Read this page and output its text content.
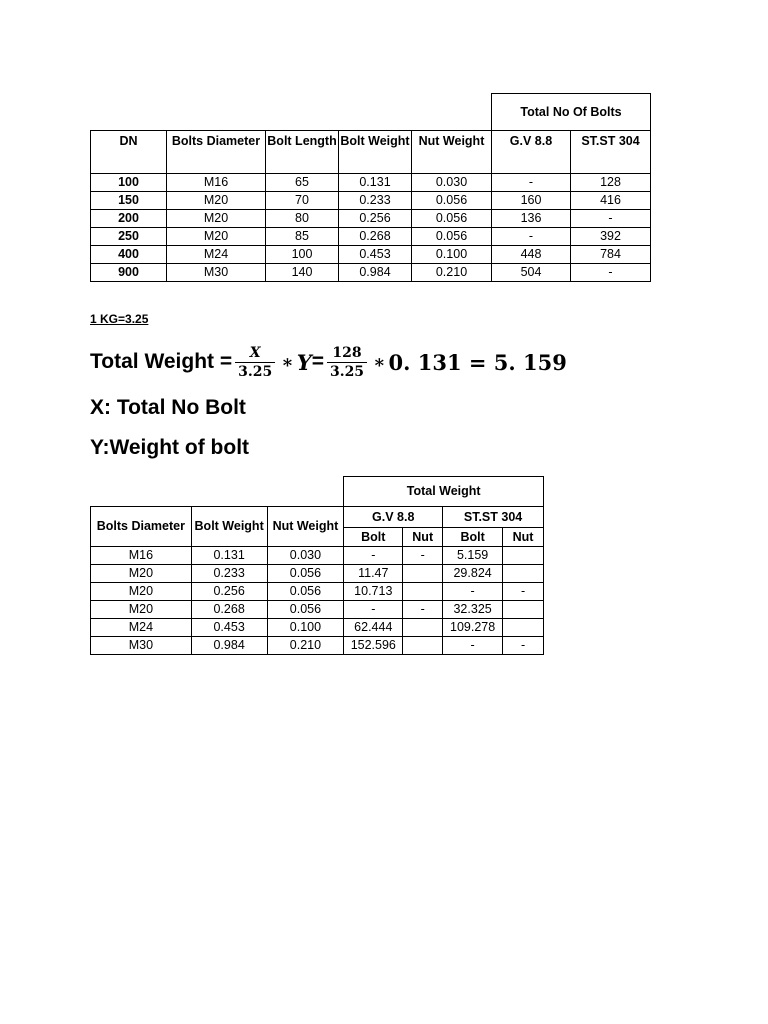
					Total No Of Bolts	
DN	Bolts Diameter	Bolt Length	Bolt Weight	Nut Weight	G.V 8.8	ST.ST 304
100	M16	65	0.131	0.030	-	128
150	M20	70	0.233	0.056	160	416
200	M20	80	0.256	0.056	136	-
250	M20	85	0.268	0.056	-	392
400	M24	100	0.453	0.100	448	784
900	M30	140	0.984	0.210	504	-
1 KG=3.25
Total Weight = $\frac{X}{3.25}$ ∗ $Y = \frac{128}{3.25}$ ∗ 0. 131 = 5. 159
X: Total No Bolt
Y:Weight of bolt
			Total Weight			
Bolts Diameter	Bolt Weight	Nut Weight	G.V 8.8		ST.ST 304	
			Bolt	Nut	Bolt	Nut
M16	0.131	0.030	-	-	5.159	
M20	0.233	0.056	11.47		29.824	
M20	0.256	0.056	10.713		-	-
M20	0.268	0.056	-	-	32.325	
M24	0.453	0.100	62.444		109.278	
M30	0.984	0.210	152.596		-	-
